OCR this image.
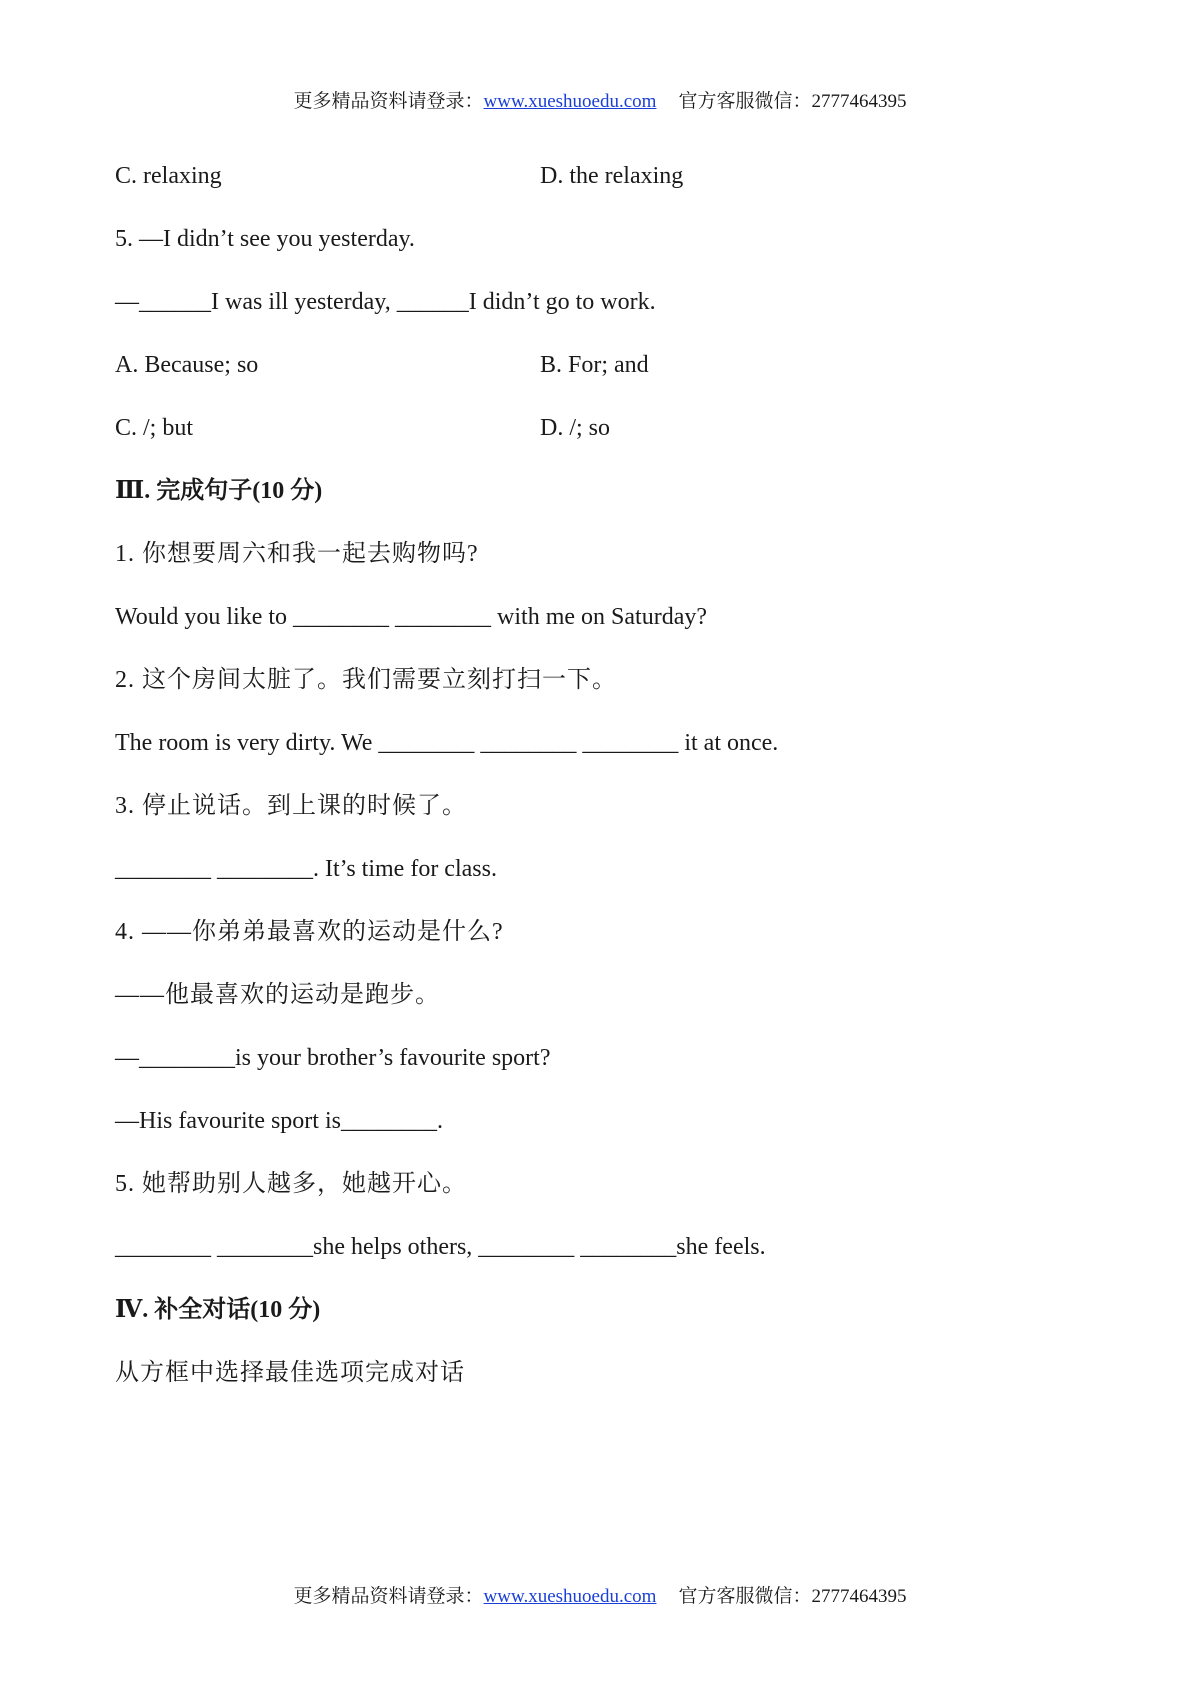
更多精品资料请登录：www.xueshuoedu.com 官方客服微信：2777464395
C. relaxing	D. the relaxing
5. —I didn’t see you yesterday.
—______I was ill yesterday, ______I didn’t go to work.
A. Because; so	B. For; and
C. /; but	D. /; so
Ⅲ. 完成句子(10 分)
1. 你想要周六和我一起去购物吗?
Would you like to ________ ________ with me on Saturday?
2. 这个房间太脏了。我们需要立刻打扫一下。
The room is very dirty. We ________ ________ ________ it at once.
3. 停止说话。到上课的时候了。
________ ________. It’s time for class.
4. ——你弟弟最喜欢的运动是什么?
——他最喜欢的运动是跑步。
—________is your brother’s favourite sport?
—His favourite sport is________.
5. 她帮助别人越多，她越开心。
________ ________she helps others, ________ ________she feels.
Ⅳ. 补全对话(10 分)
从方框中选择最佳选项完成对话
更多精品资料请登录：www.xueshuoedu.com 官方客服微信：2777464395
